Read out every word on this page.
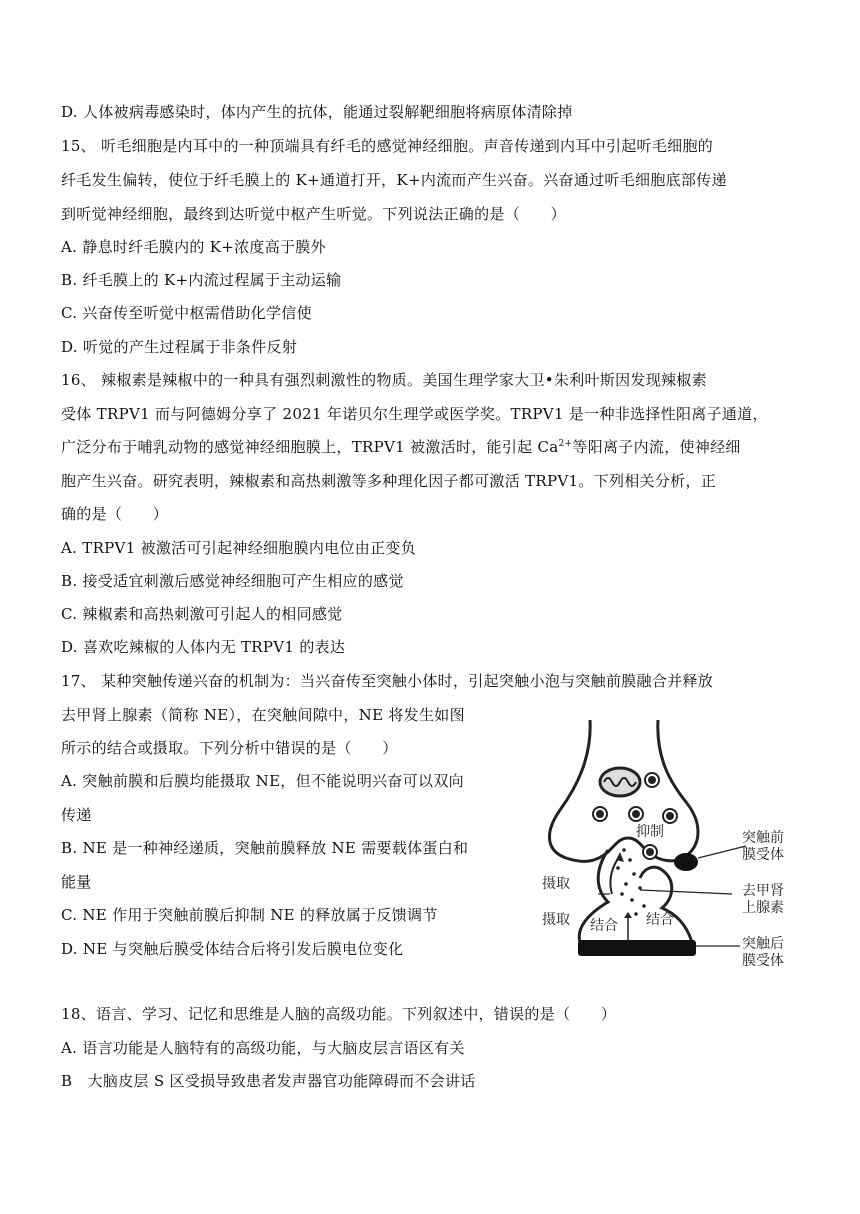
D. 人体被病毒感染时，体内产生的抗体，能通过裂解靶细胞将病原体清除掉
15、 听毛细胞是内耳中的一种顶端具有纤毛的感觉神经细胞。声音传递到内耳中引起听毛细胞的
纤毛发生偏转，使位于纤毛膜上的 K+通道打开，K+内流而产生兴奋。兴奋通过听毛细胞底部传递
到听觉神经细胞，最终到达听觉中枢产生听觉。下列说法正确的是（　　）
A. 静息时纤毛膜内的 K+浓度高于膜外
B. 纤毛膜上的 K+内流过程属于主动运输
C. 兴奋传至听觉中枢需借助化学信使
D. 听觉的产生过程属于非条件反射
16、 辣椒素是辣椒中的一种具有强烈刺激性的物质。美国生理学家大卫•朱利叶斯因发现辣椒素
受体 TRPV1 而与阿德姆分享了 2021 年诺贝尔生理学或医学奖。TRPV1 是一种非选择性阳离子通道，
广泛分布于哺乳动物的感觉神经细胞膜上，TRPV1 被激活时，能引起 $Ca^{2+}$等阳离子内流，使神经细
胞产生兴奋。研究表明，辣椒素和高热刺激等多种理化因子都可激活 TRPV1。下列相关分析，正
确的是（　　）
A. TRPV1 被激活可引起神经细胞膜内电位由正变负
B. 接受适宜刺激后感觉神经细胞可产生相应的感觉
C. 辣椒素和高热刺激可引起人的相同感觉
D. 喜欢吃辣椒的人体内无 TRPV1 的表达
17、 某种突触传递兴奋的机制为：当兴奋传至突触小体时，引起突触小泡与突触前膜融合并释放
去甲肾上腺素（简称 NE），在突触间隙中，NE 将发生如图
所示的结合或摄取。下列分析中错误的是（　　）
A. 突触前膜和后膜均能摄取 NE，但不能说明兴奋可以双向
传递
B. NE 是一种神经递质，突触前膜释放 NE 需要载体蛋白和
能量
C. NE 作用于突触前膜后抑制 NE 的释放属于反馈调节
D. NE 与突触后膜受体结合后将引发后膜电位变化
18、语言、学习、记忆和思维是人脑的高级功能。下列叙述中，错误的是（　　）
A. 语言功能是人脑特有的高级功能，与大脑皮层言语区有关
B　大脑皮层 S 区受损导致患者发声器官功能障碍而不会讲话
抑制	突触前
膜受体
去甲肾
上腺素
摄取
摄取 结合 结合
突触后
膜受体
